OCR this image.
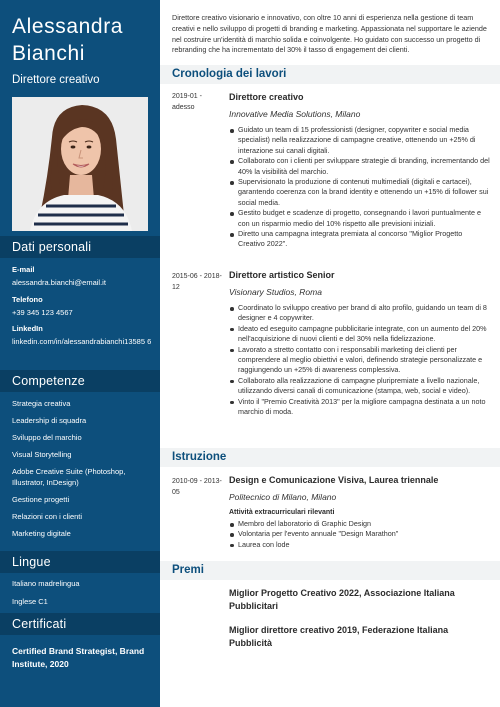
Alessandra
Bianchi
Direttore creativo
Dati personali
E-mail
alessandra.bianchi@email.it
Telefono
+39 345 123 4567
LinkedIn
linkedin.com/in/alessandrabianchi13585 6
Competenze
Strategia creativa
Leadership di squadra
Sviluppo del marchio
Visual Storytelling
Adobe Creative Suite (Photoshop, Illustrator, InDesign)
Gestione progetti
Relazioni con i clienti
Marketing digitale
Lingue
Italiano madrelingua
Inglese C1
Certificati
Certified Brand Strategist, Brand Institute, 2020
Direttore creativo visionario e innovativo, con oltre 10 anni di esperienza nella gestione di team creativi e nello sviluppo di progetti di branding e marketing. Appassionata nel supportare le aziende nel costruire un'identità di marchio solida e coinvolgente. Ho guidato con successo un progetto di rebranding che ha incrementato del 30% il tasso di engagement dei clienti.
Cronologia dei lavori
2019-01 - adesso
Direttore creativo
Innovative Media Solutions, Milano
Guidato un team di 15 professionisti (designer, copywriter e social media specialist) nella realizzazione di campagne creative, ottenendo un +25% di interazione sui canali digitali.
Collaborato con i clienti per sviluppare strategie di branding, incrementando del 40% la visibilità del marchio.
Supervisionato la produzione di contenuti multimediali (digitali e cartacei), garantendo coerenza con la brand identity e ottenendo un +15% di follower sui social media.
Gestito budget e scadenze di progetto, consegnando i lavori puntualmente e con un risparmio medio del 10% rispetto alle previsioni iniziali.
Diretto una campagna integrata premiata al concorso "Miglior Progetto Creativo 2022".
2015-06 - 2018-12
Direttore artistico Senior
Visionary Studios, Roma
Coordinato lo sviluppo creativo per brand di alto profilo, guidando un team di 8 designer e 4 copywriter.
Ideato ed eseguito campagne pubblicitarie integrate, con un aumento del 20% nell'acquisizione di nuovi clienti e del 30% nella fidelizzazione.
Lavorato a stretto contatto con i responsabili marketing dei clienti per comprendere al meglio obiettivi e valori, definendo strategie personalizzate e raggiungendo un +25% di awareness complessiva.
Collaborato alla realizzazione di campagne pluripremiate a livello nazionale, utilizzando diversi canali di comunicazione (stampa, web, social e video).
Vinto il "Premio Creatività 2013" per la migliore campagna destinata a un noto marchio di moda.
Istruzione
2010-09 - 2013-05
Design e Comunicazione Visiva, Laurea triennale
Politecnico di Milano, Milano
Attività extracurriculari rilevanti
Membro del laboratorio di Graphic Design
Volontaria per l'evento annuale "Design Marathon"
Laurea con lode
Premi
Miglior Progetto Creativo 2022, Associazione Italiana Pubblicitari
Miglior direttore creativo 2019, Federazione Italiana Pubblicità
